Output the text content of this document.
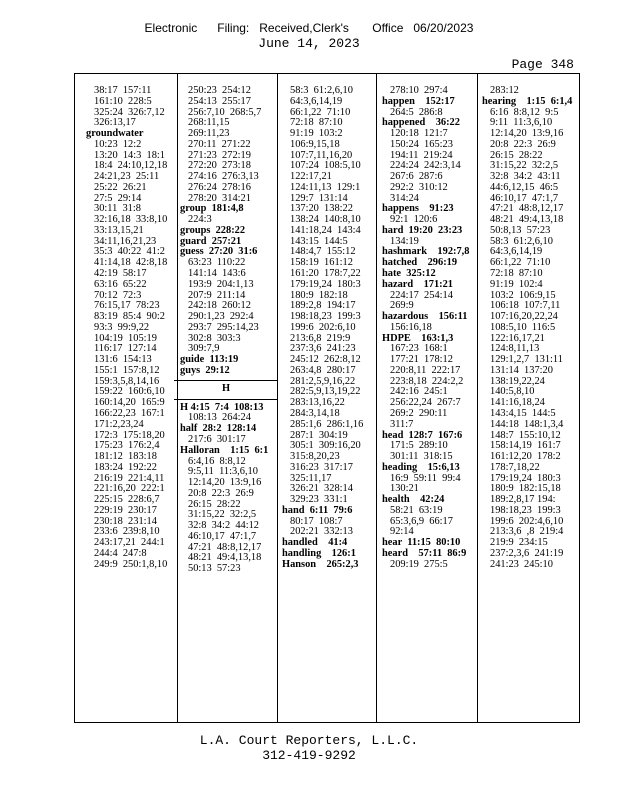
Electronic      Filing:   Received,Clerk's       Office   06/20/2023
June 14, 2023
Page 348
38:17  157:11
161:10  228:5
325:24  326:7,12
326:13,17
groundwater
10:23  12:2
13:20  14:3  18:1
18:4  24:10,12,18
24:21,23  25:11
25:22  26:21
27:5  29:14
30:11  31:8
32:16,18  33:8,10
33:13,15,21
34:11,16,21,23
35:3  40:22  41:2
41:14,18  42:8,18
42:19  58:17
63:16  65:22
70:12  72:3
76:15,17  78:23
83:19  85:4  90:2
93:3  99:9,22
104:19  105:19
116:17  127:14
131:6  154:13
155:1  157:8,12
159:3,5,8,14,16
159:22  160:6,10
160:14,20  165:9
166:22,23  167:1
171:2,23,24
172:3  175:18,20
175:23  176:2,4
181:12  183:18
183:24  192:22
216:19  221:4,11
221:16,20  222:1
225:15  228:6,7
229:19  230:17
230:18  231:14
233:6  239:8,10
243:17,21  244:1
244:4  247:8
249:9  250:1,8,10
250:23  254:12
254:13  255:17
256:7,10  268:5,7
268:11,15
269:11,23
270:11  271:22
271:23  272:19
272:20  273:18
274:16  276:3,13
276:24  278:16
278:20  314:21
group  181:4,8
224:3
groups  228:22
guard  257:21
guess  27:20  31:6
63:23  110:22
141:14  143:6
193:9  204:1,13
207:9  211:14
242:18  260:12
290:1,23  292:4
293:7  295:14,23
302:8  303:3
309:7,9
guide  113:19
guys  29:12
H
H 4:15  7:4  108:13
108:13  264:24
half  28:2  128:14
217:6  301:17
Halloran    1:15  6:1
6:4,16  8:8,12
9:5,11  11:3,6,10
12:14,20  13:9,16
20:8  22:3  26:9
26:15  28:22
31:15,22  32:2,5
32:8  34:2  44:12
46:10,17  47:1,7
47:21  48:8,12,17
48:21  49:4,13,18
50:13  57:23
58:3  61:2,6,10
64:3,6,14,19
66:1,22  71:10
72:18  87:10
91:19  103:2
106:9,15,18
107:7,11,16,20
107:24  108:5,10
122:17,21
124:11,13  129:1
129:7  131:14
137:20  138:22
138:24  140:8,10
141:18,24  143:4
143:15  144:5
148:4,7  155:12
158:19  161:12
161:20  178:7,22
179:19,24  180:3
180:9  182:18
189:2,8  194:17
198:18,23  199:3
199:6  202:6,10
213:6,8  219:9
237:3,6  241:23
245:12  262:8,12
263:4,8  280:17
281:2,5,9,16,22
282:5,9,13,19,22
283:13,16,22
284:3,14,18
285:1,6  286:1,16
287:1  304:19
305:1  309:16,20
315:8,20,23
316:23  317:17
325:11,17
326:21  328:14
329:23  331:1
hand  6:11  79:6
80:17  108:7
202:21  332:13
handled    41:4
handling    126:1
Hanson    265:2,3
278:10  297:4
happen    152:17
264:5  286:8
happened    36:22
120:18  121:7
150:24  165:23
194:11  219:24
224:24  242:3,14
267:6  287:6
292:2  310:12
314:24
happens    91:23
92:1  120:6
hard  19:20  23:23
134:19
hashmark    192:7,8
hatched    296:19
hate  325:12
hazard    171:21
224:17  254:14
269:9
hazardous    156:11
156:16,18
HDPE    163:1,3
167:23  168:1
177:21  178:12
220:8,11  222:17
223:8,18  224:2,2
242:16  245:1
256:22,24  267:7
269:2  290:11
311:7
head  128:7  167:6
171:5  289:10
301:11  318:15
heading    15:6,13
16:9  59:11  99:4
130:21
health    42:24
58:21  63:19
65:3,6,9  66:17
92:14
hear  11:15  80:10
heard    57:11  86:9
209:19  275:5
283:12
hearing    1:15  6:1,4
6:16  8:8,12  9:5
9:11  11:3,6,10
12:14,20  13:9,16
20:8  22:3  26:9
26:15  28:22
31:15,22  32:2,5
32:8  34:2  43:11
44:6,12,15  46:5
46:10,17  47:1,7
47:21  48:8,12,17
48:21  49:4,13,18
50:8,13  57:23
58:3  61:2,6,10
64:3,6,14,19
66:1,22  71:10
72:18  87:10
91:19  102:4
103:2  106:9,15
106:18  107:7,11
107:16,20,22,24
108:5,10  116:5
122:16,17,21
124:8,11,13
129:1,2,7  131:11
131:14  137:20
138:19,22,24
140:5,8,10
141:16,18,24
143:4,15  144:5
144:18  148:1,3,4
148:7  155:10,12
158:14,19  161:7
161:12,20  178:2
178:7,18,22
179:19,24  180:3
180:9  182:15,18
189:2,8,17 194:
198:18,23  199:3
199:6  202:4,6,10
213:3,6  ,8  219:4
219:9  234:15
237:2,3,6  241:19
241:23  245:10
L.A. Court Reporters, L.L.C.
312-419-9292
